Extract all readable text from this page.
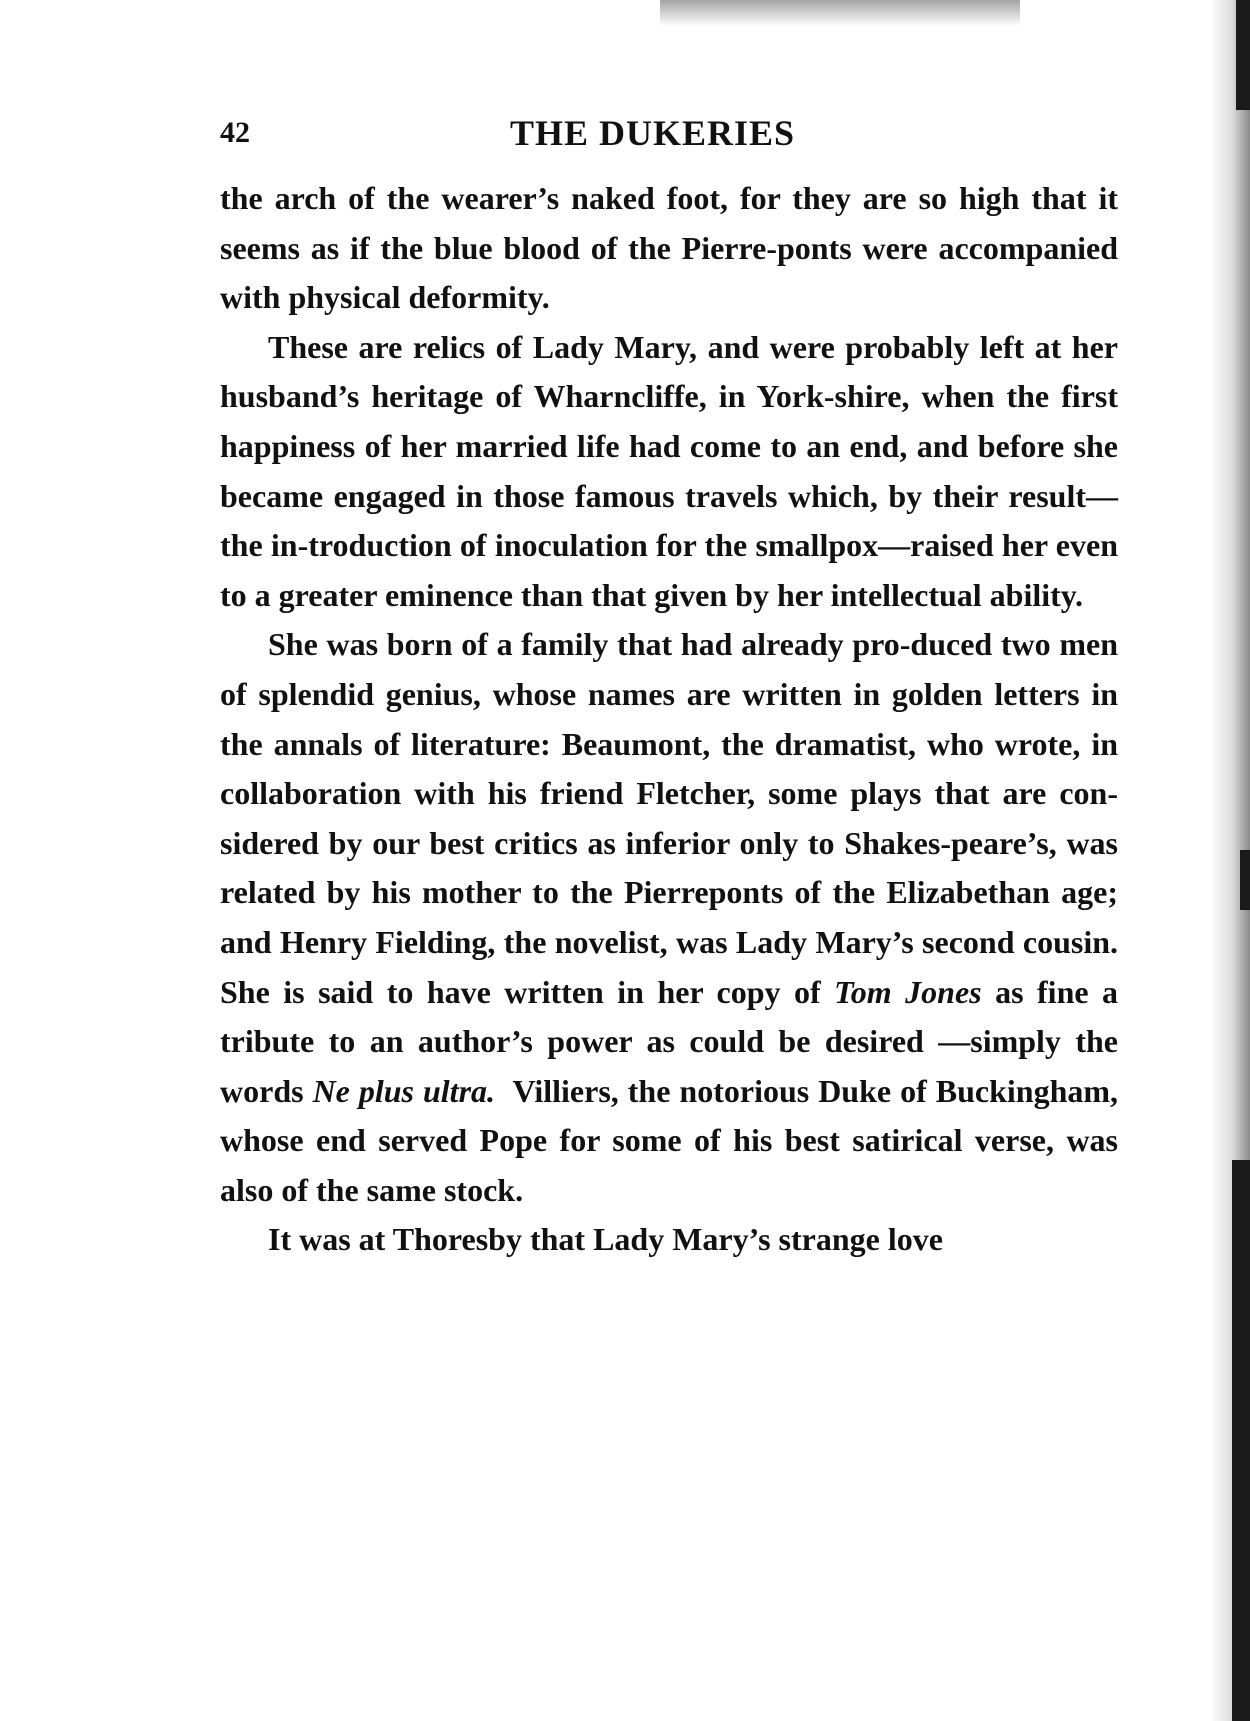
42	THE DUKERIES

the arch of the wearer’s naked foot, for they are so high that it seems as if the blue blood of the Pierre-ponts were accompanied with physical deformity.

These are relics of Lady Mary, and were probably left at her husband’s heritage of Wharncliffe, in York-shire, when the first happiness of her married life had come to an end, and before she became engaged in those famous travels which, by their result—the in-troduction of inoculation for the smallpox—raised her even to a greater eminence than that given by her intellectual ability.

She was born of a family that had already pro-duced two men of splendid genius, whose names are written in golden letters in the annals of literature: Beaumont, the dramatist, who wrote, in collaboration with his friend Fletcher, some plays that are con-sidered by our best critics as inferior only to Shakes-peare’s, was related by his mother to the Pierreponts of the Elizabethan age; and Henry Fielding, the novelist, was Lady Mary’s second cousin. She is said to have written in her copy of Tom Jones as fine a tribute to an author’s power as could be desired —simply the words Ne plus ultra. Villiers, the notorious Duke of Buckingham, whose end served Pope for some of his best satirical verse, was also of the same stock.

It was at Thoresby that Lady Mary’s strange love
